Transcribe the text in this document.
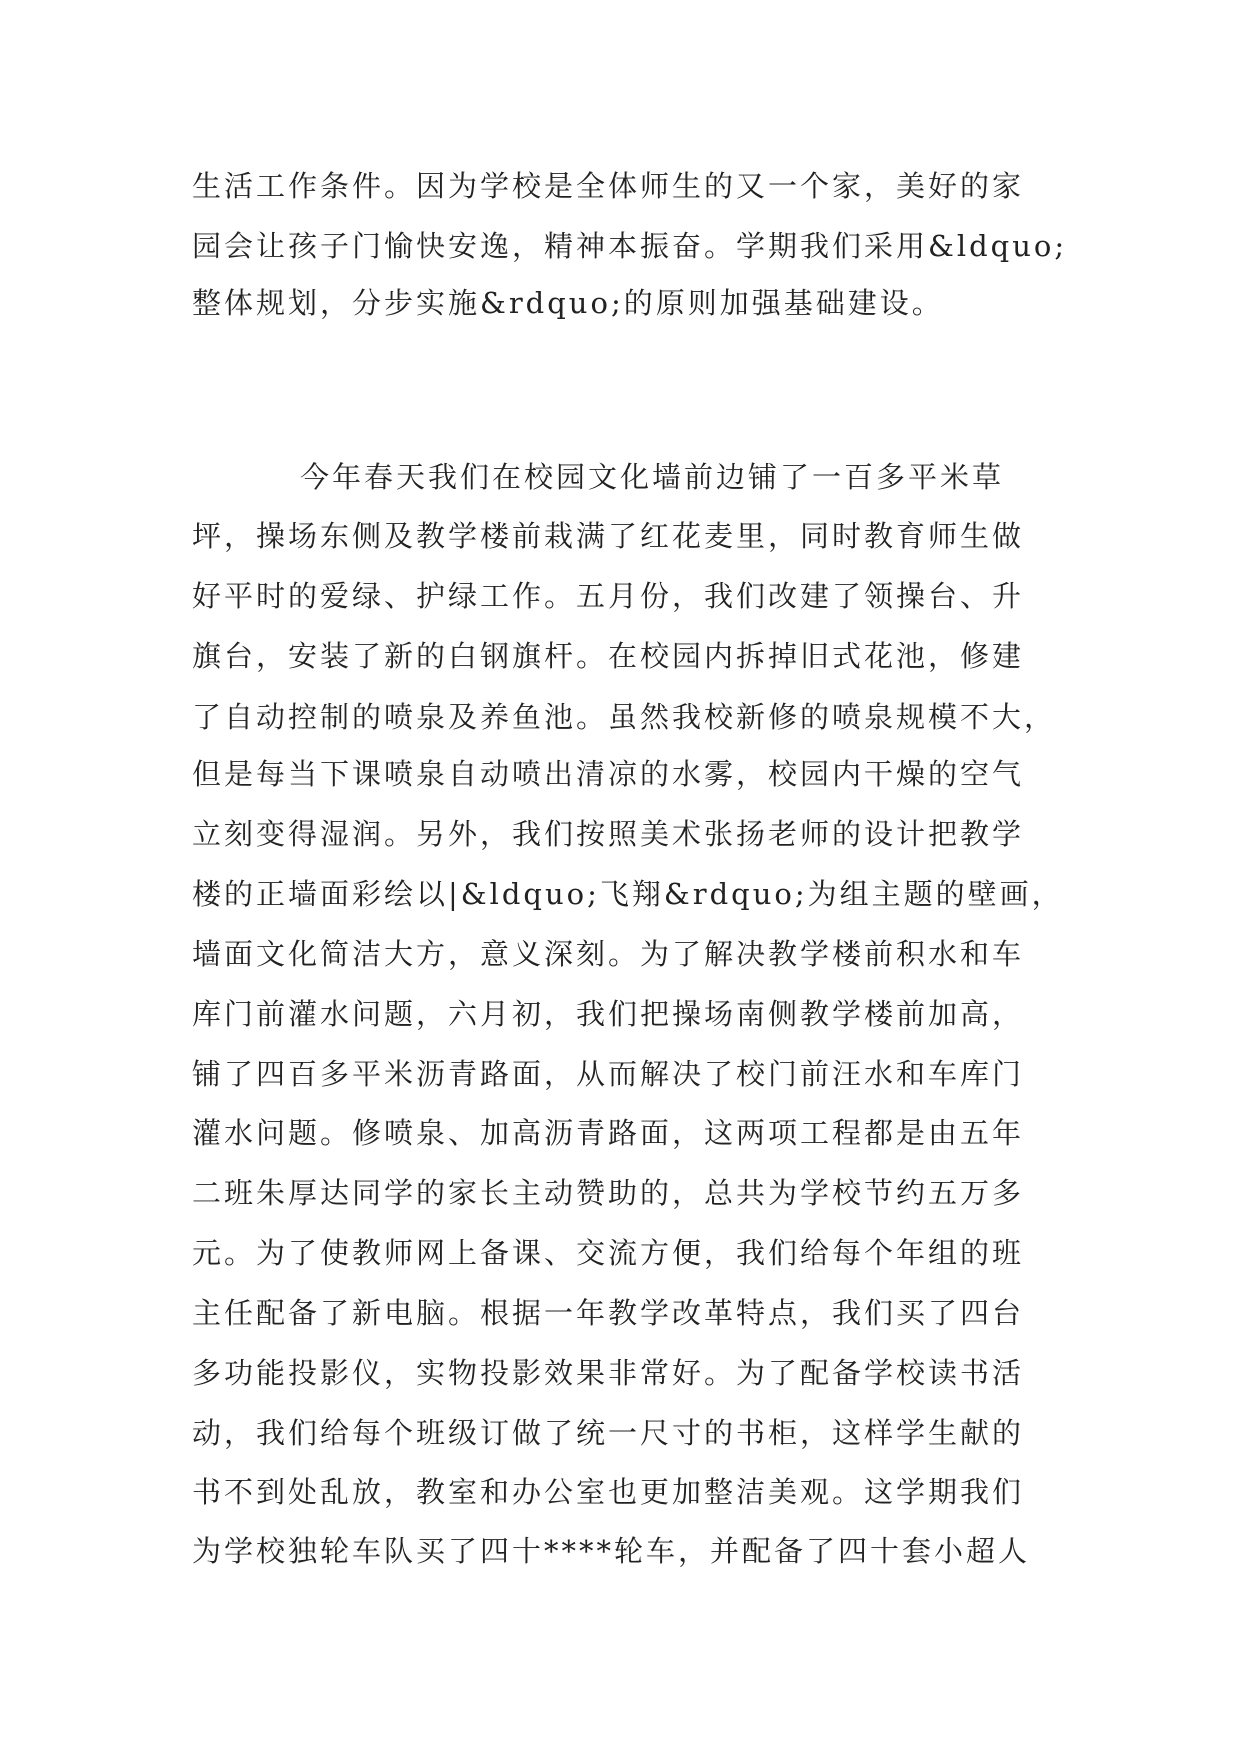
生活工作条件。因为学校是全体师生的又一个家，美好的家
园会让孩子门愉快安逸，精神本振奋。学期我们采用&ldquo;
整体规划，分步实施&rdquo;的原则加强基础建设。
今年春天我们在校园文化墙前边铺了一百多平米草
坪，操场东侧及教学楼前栽满了红花麦里，同时教育师生做
好平时的爱绿、护绿工作。五月份，我们改建了领操台、升
旗台，安装了新的白钢旗杆。在校园内拆掉旧式花池，修建
了自动控制的喷泉及养鱼池。虽然我校新修的喷泉规模不大，
但是每当下课喷泉自动喷出清凉的水雾，校园内干燥的空气
立刻变得湿润。另外，我们按照美术张扬老师的设计把教学
楼的正墙面彩绘以|&ldquo;飞翔&rdquo;为组主题的壁画，
墙面文化简洁大方，意义深刻。为了解决教学楼前积水和车
库门前灌水问题，六月初，我们把操场南侧教学楼前加高，
铺了四百多平米沥青路面，从而解决了校门前汪水和车库门
灌水问题。修喷泉、加高沥青路面，这两项工程都是由五年
二班朱厚达同学的家长主动赞助的，总共为学校节约五万多
元。为了使教师网上备课、交流方便，我们给每个年组的班
主任配备了新电脑。根据一年教学改革特点，我们买了四台
多功能投影仪，实物投影效果非常好。为了配备学校读书活
动，我们给每个班级订做了统一尺寸的书柜，这样学生献的
书不到处乱放，教室和办公室也更加整洁美观。这学期我们
为学校独轮车队买了四十****轮车，并配备了四十套小超人
